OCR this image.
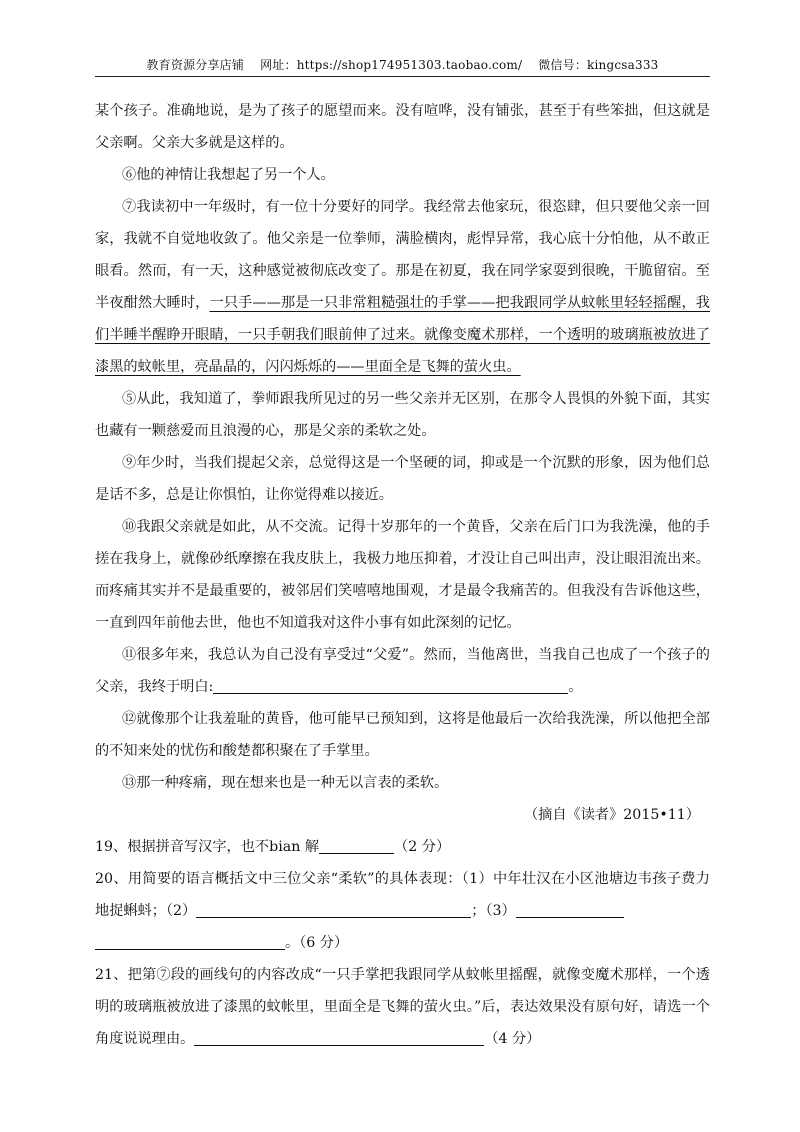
教育资源分享店铺 网址：https://shop174951303.taobao.com/ 微信号：kingcsa333

某个孩子。准确地说，是为了孩子的愿望而来。没有喧哗，没有铺张，甚至于有些笨拙，但这就是父亲啊。父亲大多就是这样的。

⑥他的神情让我想起了另一个人。

⑦我读初中一年级时，有一位十分要好的同学。我经常去他家玩，很恣肆，但只要他父亲一回家，我就不自觉地收敛了。他父亲是一位拳师，满脸横肉，彪悍异常，我心底十分怕他，从不敢正眼看。然而，有一天，这种感觉被彻底改变了。那是在初夏，我在同学家耍到很晚，干脆留宿。至半夜酣然大睡时，一只手——那是一只非常粗糙强壮的手掌——把我跟同学从蚊帐里轻轻摇醒，我们半睡半醒睁开眼睛，一只手朝我们眼前伸了过来。就像变魔术那样，一个透明的玻璃瓶被放进了漆黑的蚊帐里，亮晶晶的，闪闪烁烁的——里面全是飞舞的萤火虫。

⑤从此，我知道了，拳师跟我所见过的另一些父亲并无区别，在那令人畏惧的外貌下面，其实也藏有一颗慈爱而且浪漫的心，那是父亲的柔软之处。

⑨年少时，当我们提起父亲，总觉得这是一个坚硬的词，抑或是一个沉默的形象，因为他们总是话不多，总是让你惧怕，让你觉得难以接近。

⑩我跟父亲就是如此，从不交流。记得十岁那年的一个黄昏，父亲在后门口为我洗澡，他的手搓在我身上，就像砂纸摩擦在我皮肤上，我极力地压抑着，才没让自己叫出声，没让眼泪流出来。而疼痛其实并不是最重要的，被邻居们笑嘻嘻地围观，才是最令我痛苦的。但我没有告诉他这些，一直到四年前他去世，他也不知道我对这件小事有如此深刻的记忆。

⑪很多年来，我总认为自己没有享受过“父爱”。然而，当他离世，当我自己也成了一个孩子的父亲，我终于明白:	。

⑫就像那个让我羞耻的黄昏，他可能早已预知到，这将是他最后一次给我洗澡，所以他把全部的不知来处的忧伤和酸楚都积聚在了手掌里。

⑬那一种疼痛，现在想来也是一种无以言表的柔软。

（摘自《读者》2015•11）

19、根据拼音写汉字，也不bian 解	（2 分）

20、用简要的语言概括文中三位父亲“柔软”的具体表现：（1）中年壮汉在小区池塘边韦孩子费力地捉蝌蚪；（2）	；（3）
。（6 分）

21、把第⑦段的画线句的内容改成“一只手掌把我跟同学从蚊帐里摇醒，就像变魔术那样，一个透明的玻璃瓶被放进了漆黑的蚊帐里，里面全是飞舞的萤火虫。”后，表达效果没有原句好，请选一个角度说说理由。	（4 分）
